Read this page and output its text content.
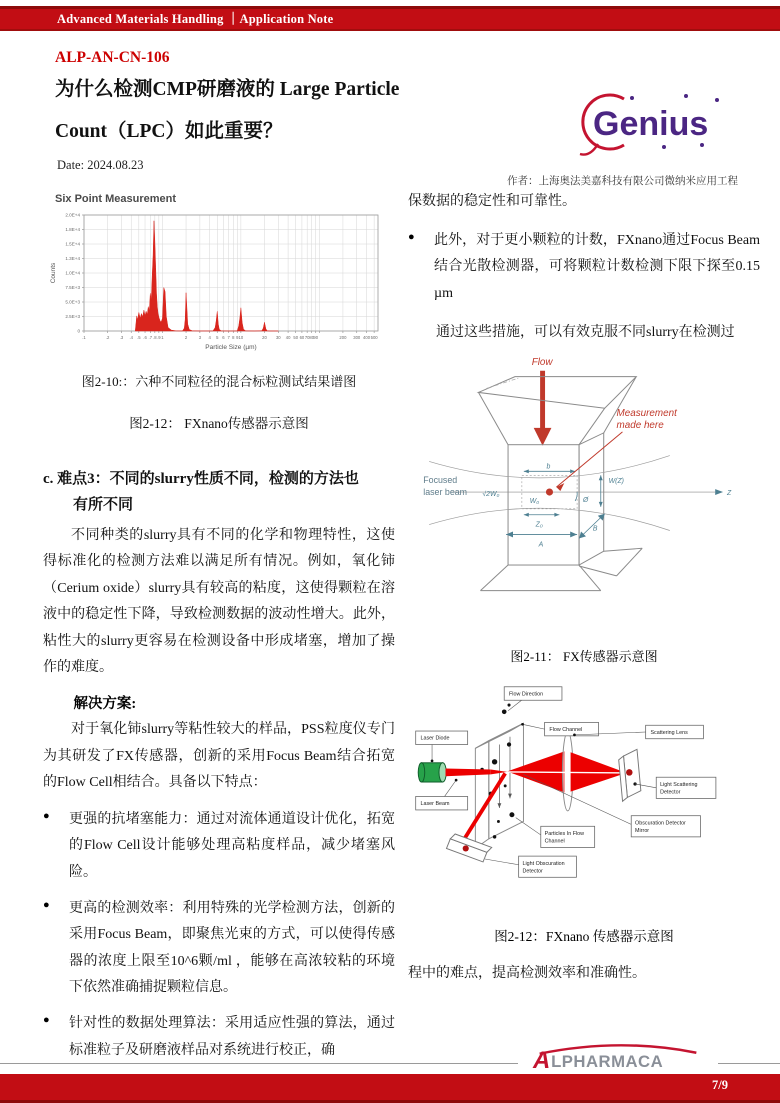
Advanced Materials Handling ｜Application Note
ALP-AN-CN-106
为什么检测CMP研磨液的 Large Particle
Count（LPC）如此重要？
Date: 2024.08.23
Genius
作者：上海奥法美嘉科技有限公司微纳米应用工程
Six Point Measurement
2.0E+4
1.8E+4
1.5E+4
1.3E+4
1.0E+4
7.5E+3
5.0E+3
2.5E+3
0
.1	.2 .3 .4 .5 .6 .7 .8 .9 1	2	3 4 5 6 7 8 9 10	20 30 40 50 60 70 80 90	200 300 400 500
Particle Size (µm)
Counts
图2-10:：六种不同粒径的混合标粒测试结果谱图
图2-12： FXnano传感器示意图
c. 难点3：不同的slurry性质不同，检测的方法也
有所不同
不同种类的slurry具有不同的化学和物理特性，这使得标准化的检测方法难以满足所有情况。例如，氧化铈（Cerium oxide）slurry具有较高的粘度，这使得颗粒在溶液中的稳定性下降，导致检测数据的波动性增大。此外，粘性大的slurry更容易在检测设备中形成堵塞，增加了操作的难度。
解决方案:
对于氧化铈slurry等粘性较大的样品，PSS粒度仪专门为其研发了FX传感器，创新的采用Focus Beam结合拓宽的Flow Cell相结合。具备以下特点：
●	更强的抗堵塞能力：通过对流体通道设计优化，拓宽的Flow Cell设计能够处理高粘度样品，减少堵塞风险。
●	更高的检测效率：利用特殊的光学检测方法，创新的采用Focus Beam，即聚焦光束的方式，可以使得传感器的浓度上限至10^6颗/ml ，能够在高浓较粘的环境下依然准确捕捉颗粒信息。
●	针对性的数据处理算法：采用适应性强的算法，通过标准粒子及研磨液样品对系统进行校正，确
保数据的稳定性和可靠性。
●	此外，对于更小颗粒的计数，FXnano通过Focus Beam结合光散检测器，可将颗粒计数检测下限下探至0.15 µm
通过这些措施，可以有效克服不同slurry在检测过
Flow
Z
b
√2W₀
W₀
W(Z)
Z₀
Ø
A
B
Measurement
made here
Focused
laser beam
图2-11： FX传感器示意图
Flow Direction
Flow Channel	Scattering Lens
Laser Diode
Laser Beam
Particles In Flow
Channel
Light Obscuration
Detector
Light Scattering
Detector
Obscuration Detector
Mirror
图2-12：FXnano 传感器示意图
程中的难点，提高检测效率和准确性。
A LPHARMACA
7/9
